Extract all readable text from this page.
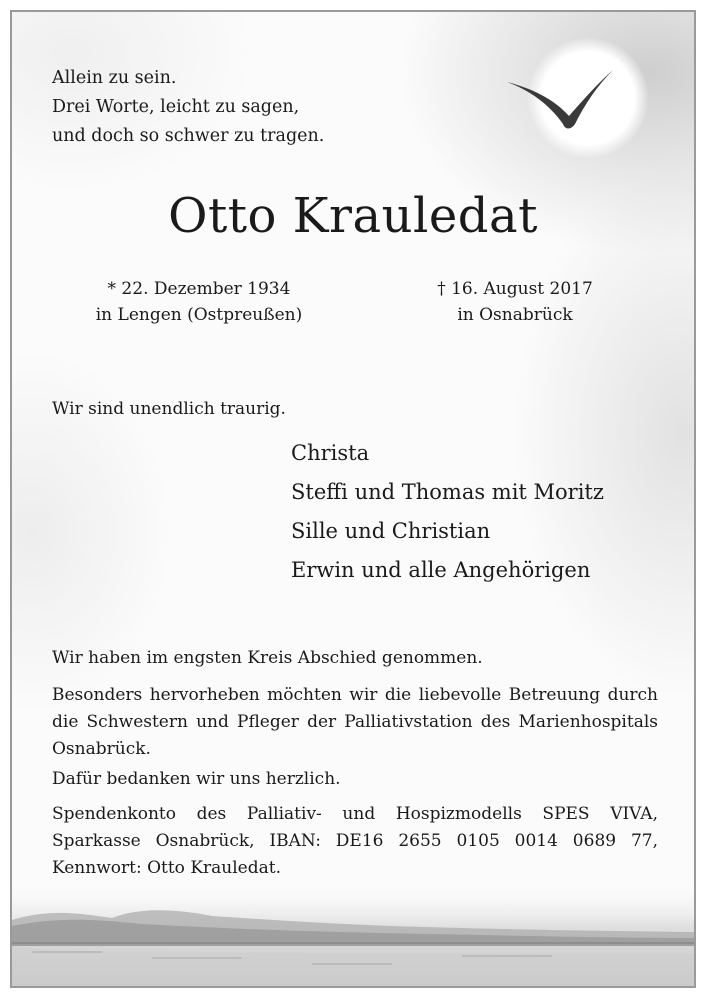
Allein zu sein.
Drei Worte, leicht zu sagen,
und doch so schwer zu tragen.
Otto Krauledat
* 22. Dezember 1934
in Lengen (Ostpreußen)
† 16. August 2017
in Osnabrück
Wir sind unendlich traurig.
Christa
Steffi und Thomas mit Moritz
Sille und Christian
Erwin und alle Angehörigen
Wir haben im engsten Kreis Abschied genommen.
Besonders hervorheben möchten wir die liebevolle Betreuung durch die Schwestern und Pfleger der Palliativstation des Marienhospitals Osnabrück.
Dafür bedanken wir uns herzlich.
Spendenkonto des Palliativ- und Hospizmodells SPES VIVA, Sparkasse Osnabrück, IBAN: DE16 2655 0105 0014 0689 77, Kennwort: Otto Krauledat.
